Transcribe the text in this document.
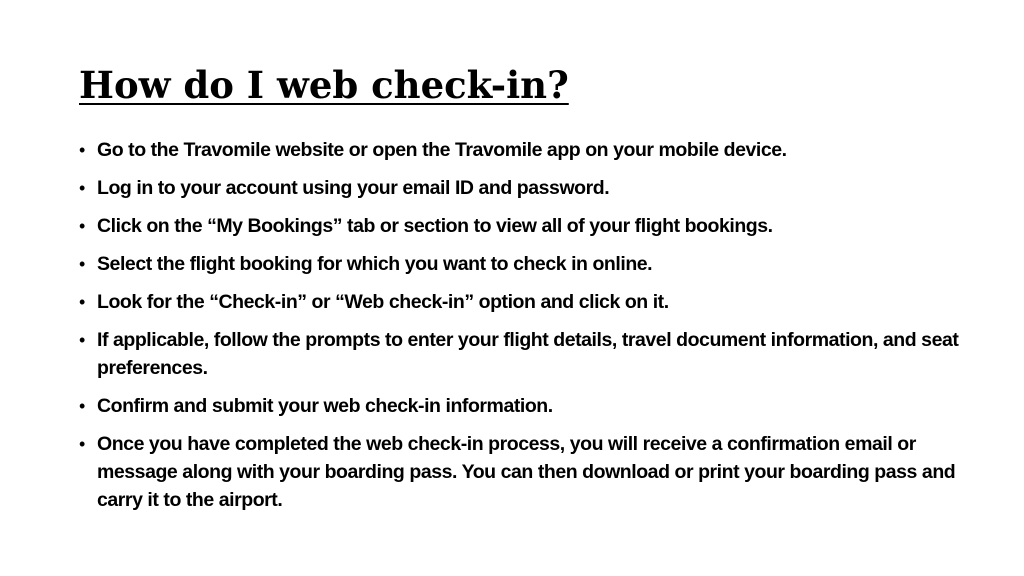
How do I web check-in?
• Go to the Travomile website or open the Travomile app on your mobile device.
• Log in to your account using your email ID and password.
• Click on the “My Bookings” tab or section to view all of your flight bookings.
• Select the flight booking for which you want to check in online.
• Look for the “Check-in” or “Web check-in” option and click on it.
• If applicable, follow the prompts to enter your flight details, travel document information, and seat preferences.
• Confirm and submit your web check-in information.
• Once you have completed the web check-in process, you will receive a confirmation email or message along with your boarding pass. You can then download or print your boarding pass and carry it to the airport.
